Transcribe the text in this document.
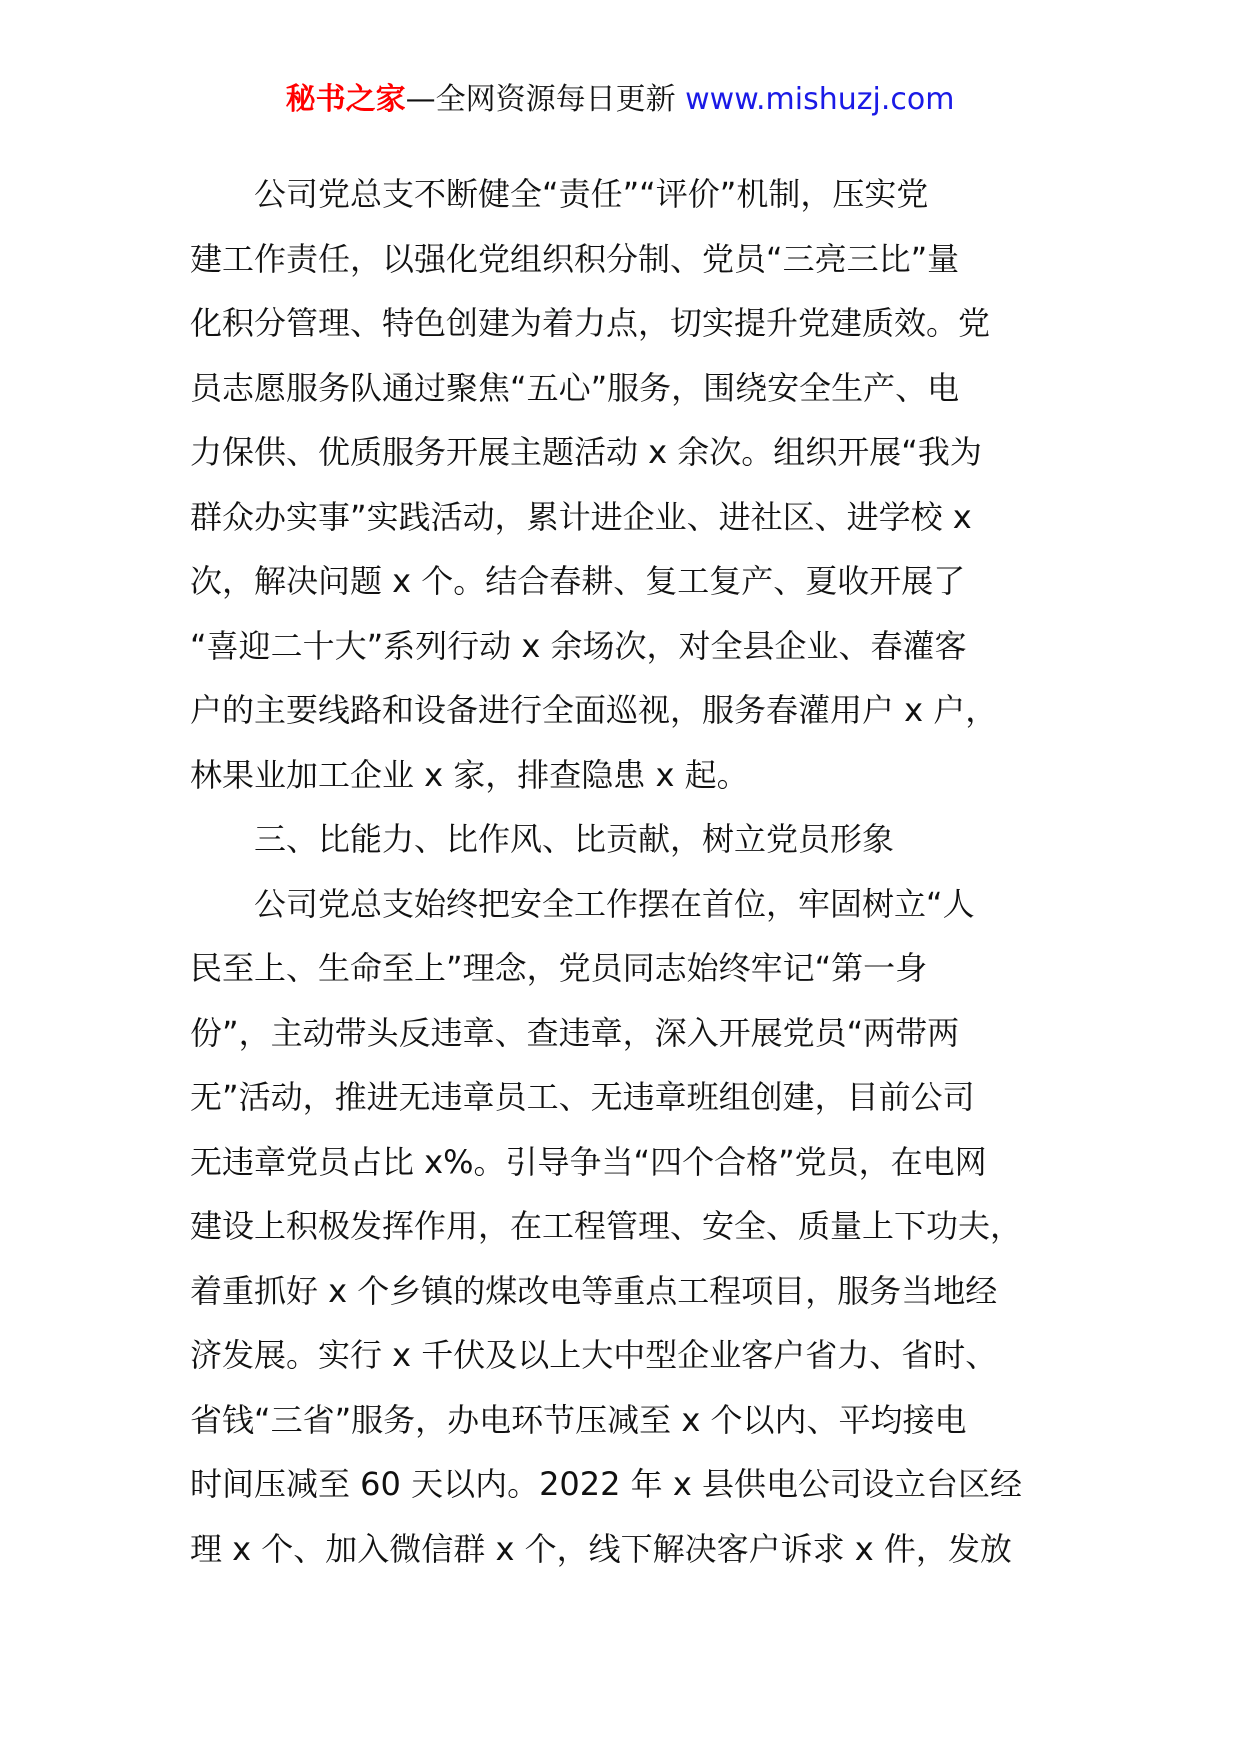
秘书之家—全网资源每日更新 www.mishuzj.com
公司党总支不断健全“责任”“评价”机制，压实党
建工作责任，以强化党组织积分制、党员“三亮三比”量
化积分管理、特色创建为着力点，切实提升党建质效。党
员志愿服务队通过聚焦“五心”服务，围绕安全生产、电
力保供、优质服务开展主题活动 x 余次。组织开展“我为
群众办实事”实践活动，累计进企业、进社区、进学校 x
次，解决问题 x 个。结合春耕、复工复产、夏收开展了
“喜迎二十大”系列行动 x 余场次，对全县企业、春灌客
户的主要线路和设备进行全面巡视，服务春灌用户 x 户，
林果业加工企业 x 家，排查隐患 x 起。
三、比能力、比作风、比贡献，树立党员形象
公司党总支始终把安全工作摆在首位，牢固树立“人
民至上、生命至上”理念，党员同志始终牢记“第一身
份”，主动带头反违章、查违章，深入开展党员“两带两
无”活动，推进无违章员工、无违章班组创建，目前公司
无违章党员占比 x%。引导争当“四个合格”党员，在电网
建设上积极发挥作用，在工程管理、安全、质量上下功夫，
着重抓好 x 个乡镇的煤改电等重点工程项目，服务当地经
济发展。实行 x 千伏及以上大中型企业客户省力、省时、
省钱“三省”服务，办电环节压减至 x 个以内、平均接电
时间压减至 60 天以内。2022 年 x 县供电公司设立台区经
理 x 个、加入微信群 x 个，线下解决客户诉求 x 件，发放
